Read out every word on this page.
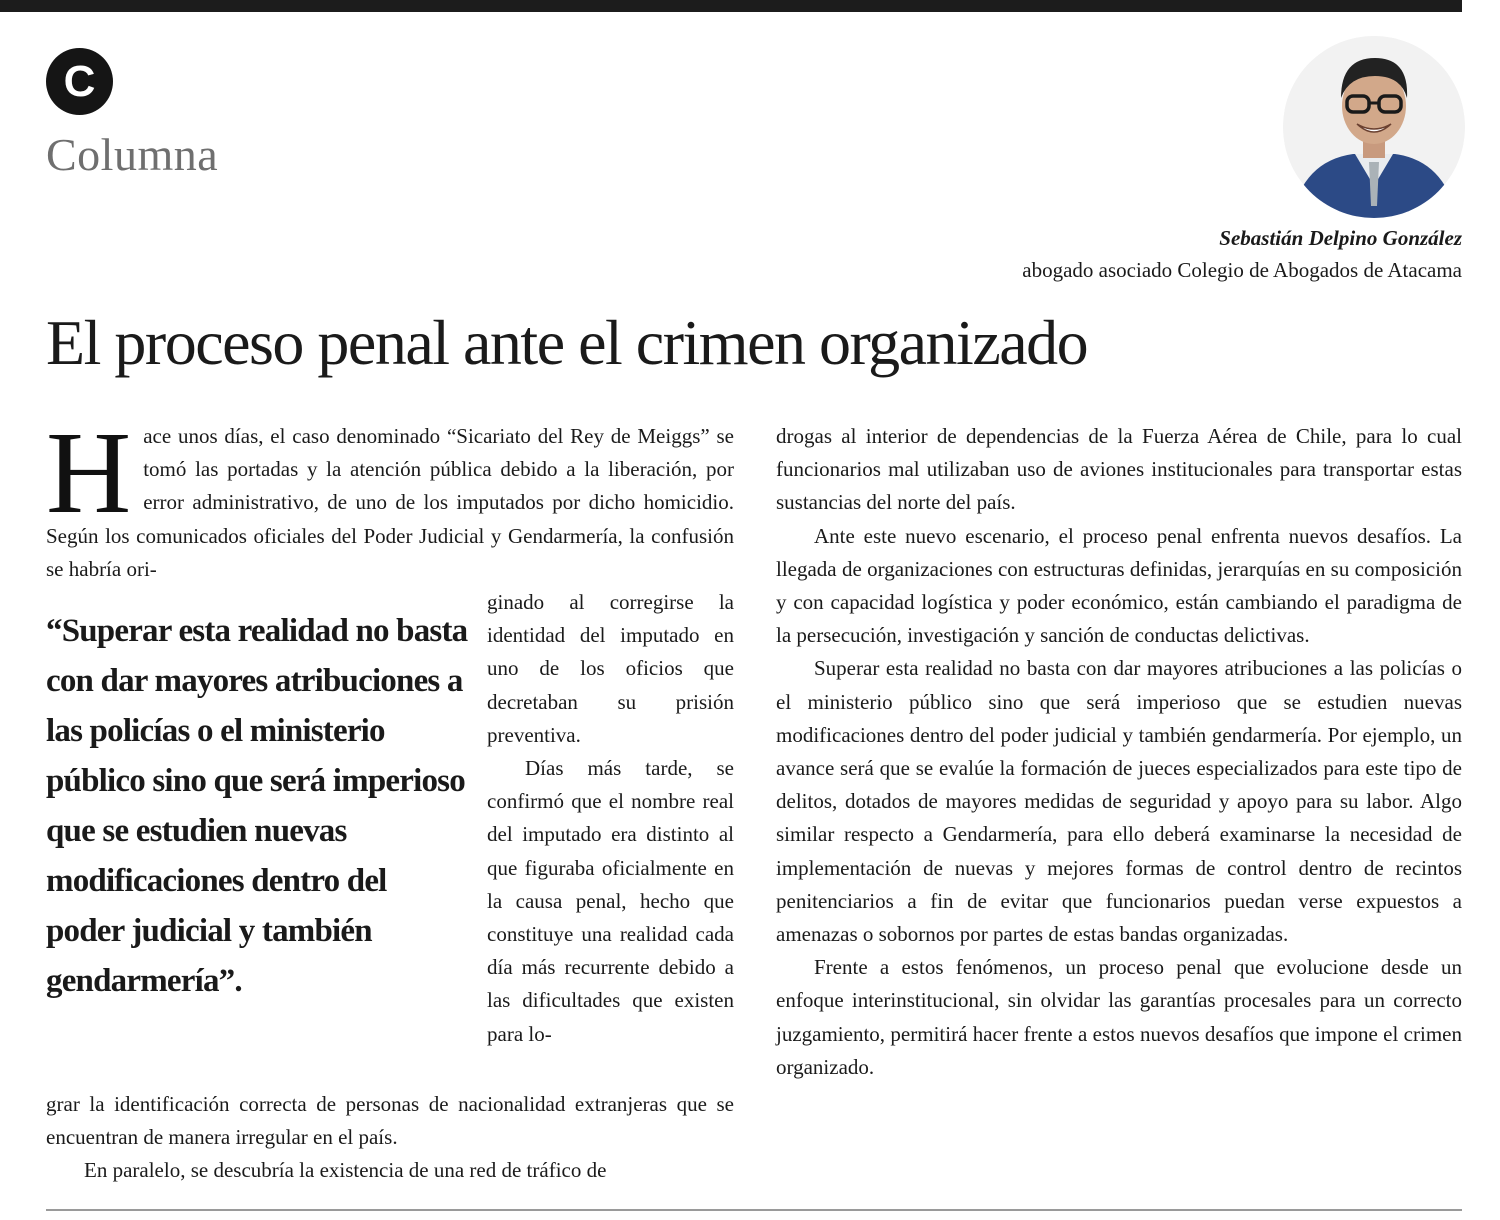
C
Columna
Sebastián Delpino González
abogado asociado Colegio de Abogados de Atacama
El proceso penal ante el crimen organizado

Hace unos días, el caso denominado “Sicariato del Rey de Meiggs” se tomó las portadas y la atención pública debido a la liberación, por error administrativo, de uno de los imputados por dicho homicidio. Según los comunicados oficiales del Poder Judicial y Gendarmería, la confusión se habría ori-

“Superar esta realidad no basta con dar mayores atribuciones a las policías o el ministerio público sino que será imperioso que se estudien nuevas modificaciones dentro del poder judicial y también gendarmería”.

ginado al corregirse la identidad del imputado en uno de los oficios que decretaban su prisión preventiva.

Días más tarde, se confirmó que el nombre real del imputado era distinto al que figuraba oficialmente en la causa penal, hecho que constituye una realidad cada día más recurrente debido a las dificultades que existen para lo-

grar la identificación correcta de personas de nacionalidad extranjeras que se encuentran de manera irregular en el país.

En paralelo, se descubría la existencia de una red de tráfico de

drogas al interior de dependencias de la Fuerza Aérea de Chile, para lo cual funcionarios mal utilizaban uso de aviones institucionales para transportar estas sustancias del norte del país.

Ante este nuevo escenario, el proceso penal enfrenta nuevos desafíos. La llegada de organizaciones con estructuras definidas, jerarquías en su composición y con capacidad logística y poder económico, están cambiando el paradigma de la persecución, investigación y sanción de conductas delictivas.

Superar esta realidad no basta con dar mayores atribuciones a las policías o el ministerio público sino que será imperioso que se estudien nuevas modificaciones dentro del poder judicial y también gendarmería. Por ejemplo, un avance será que se evalúe la formación de jueces especializados para este tipo de delitos, dotados de mayores medidas de seguridad y apoyo para su labor. Algo similar respecto a Gendarmería, para ello deberá examinarse la necesidad de implementación de nuevas y mejores formas de control dentro de recintos penitenciarios a fin de evitar que funcionarios puedan verse expuestos a amenazas o sobornos por partes de estas bandas organizadas.

Frente a estos fenómenos, un proceso penal que evolucione desde un enfoque interinstitucional, sin olvidar las garantías procesales para un correcto juzgamiento, permitirá hacer frente a estos nuevos desafíos que impone el crimen organizado.
